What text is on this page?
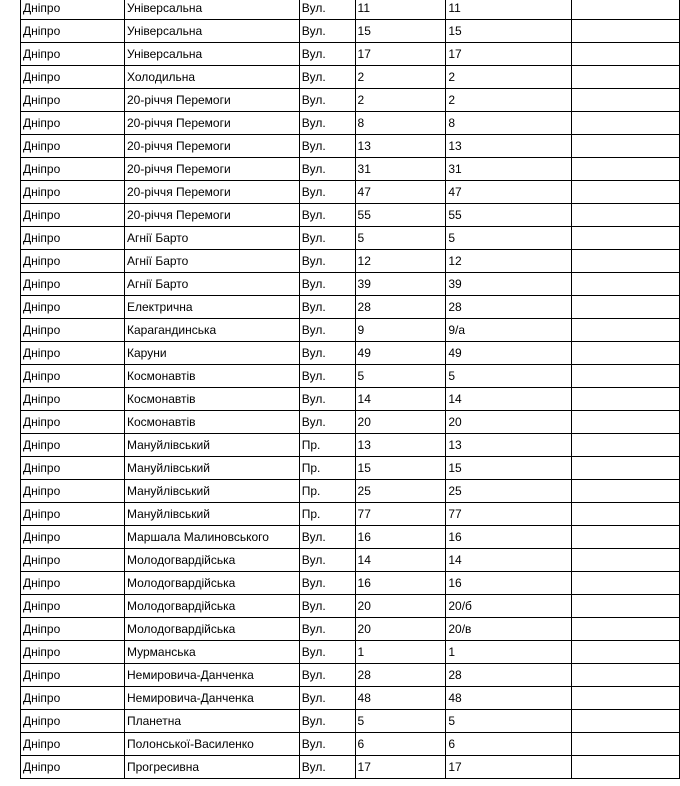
Дніпро	Універсальна	Вул.	11	11	
Дніпро	Універсальна	Вул.	15	15	
Дніпро	Універсальна	Вул.	17	17	
Дніпро	Холодильна	Вул.	2	2	
Дніпро	20-річчя Перемоги	Вул.	2	2	
Дніпро	20-річчя Перемоги	Вул.	8	8	
Дніпро	20-річчя Перемоги	Вул.	13	13	
Дніпро	20-річчя Перемоги	Вул.	31	31	
Дніпро	20-річчя Перемоги	Вул.	47	47	
Дніпро	20-річчя Перемоги	Вул.	55	55	
Дніпро	Агнії Барто	Вул.	5	5	
Дніпро	Агнії Барто	Вул.	12	12	
Дніпро	Агнії Барто	Вул.	39	39	
Дніпро	Електрична	Вул.	28	28	
Дніпро	Карагандинська	Вул.	9	9/а	
Дніпро	Каруни	Вул.	49	49	
Дніпро	Космонавтів	Вул.	5	5	
Дніпро	Космонавтів	Вул.	14	14	
Дніпро	Космонавтів	Вул.	20	20	
Дніпро	Мануйлівський	Пр.	13	13	
Дніпро	Мануйлівський	Пр.	15	15	
Дніпро	Мануйлівський	Пр.	25	25	
Дніпро	Мануйлівський	Пр.	77	77	
Дніпро	Маршала Малиновського	Вул.	16	16	
Дніпро	Молодогвардійська	Вул.	14	14	
Дніпро	Молодогвардійська	Вул.	16	16	
Дніпро	Молодогвардійська	Вул.	20	20/б	
Дніпро	Молодогвардійська	Вул.	20	20/в	
Дніпро	Мурманська	Вул.	1	1	
Дніпро	Немировича-Данченка	Вул.	28	28	
Дніпро	Немировича-Данченка	Вул.	48	48	
Дніпро	Планетна	Вул.	5	5	
Дніпро	Полонської-Василенко	Вул.	6	6	
Дніпро	Прогресивна	Вул.	17	17	
